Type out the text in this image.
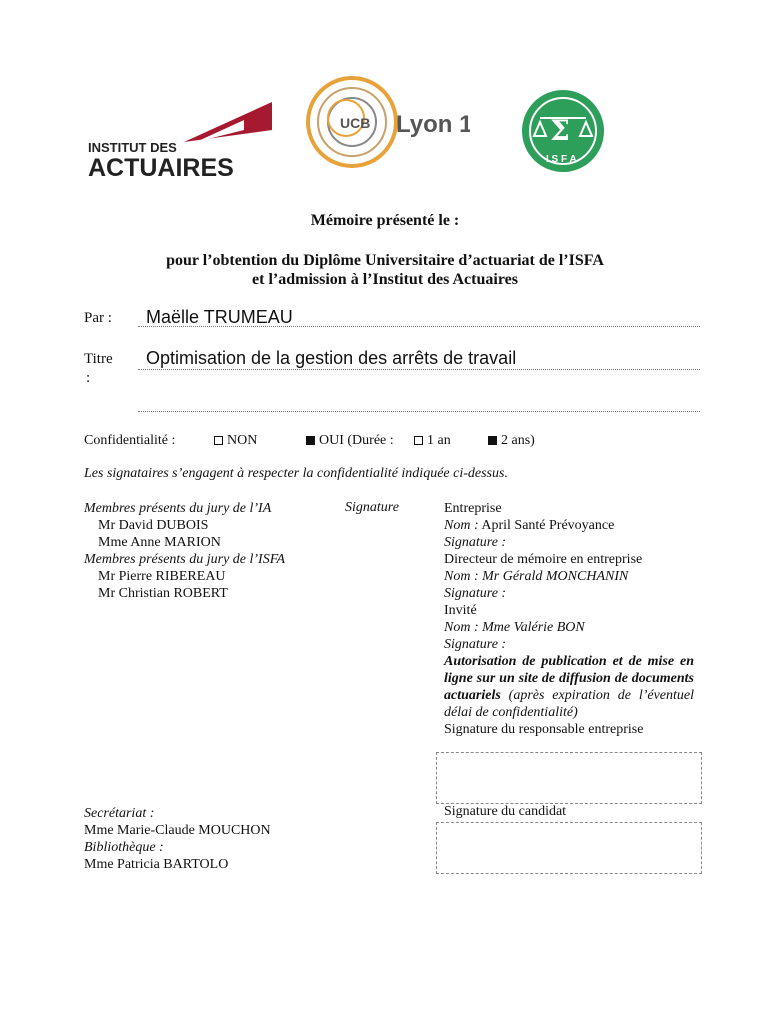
INSTITUT DES
ACTUAIRES
UCB Lyon 1	Σ
I S F A
Mémoire présenté le :
pour l’obtention du Diplôme Universitaire d’actuariat de l’ISFA
et l’admission à l’Institut des Actuaires
Par : Maëlle TRUMEAU
Titre
:
Optimisation de la gestion des arrêts de travail
Confidentialité :	NON	OUI (Durée :	1 an	2 ans)
Les signataires s’engagent à respecter la confidentialité indiquée ci-dessus.
Membres présents du jury de l’IA
Mr David DUBOIS
Mme Anne MARION
Membres présents du jury de l’ISFA
Mr Pierre RIBEREAU
Mr Christian ROBERT
Signature	Entreprise
Nom : April Santé Prévoyance
Signature :
Directeur de mémoire en entreprise
Nom : Mr Gérald MONCHANIN
Signature :
Invité
Nom : Mme Valérie BON
Signature :
Autorisation de publication et de mise en ligne sur un site de diffusion de documents actuariels (après expiration de l’éventuel délai de confidentialité)
Signature du responsable entreprise
Signature du candidat
Secrétariat :
Mme Marie-Claude MOUCHON
Bibliothèque :
Mme Patricia BARTOLO
